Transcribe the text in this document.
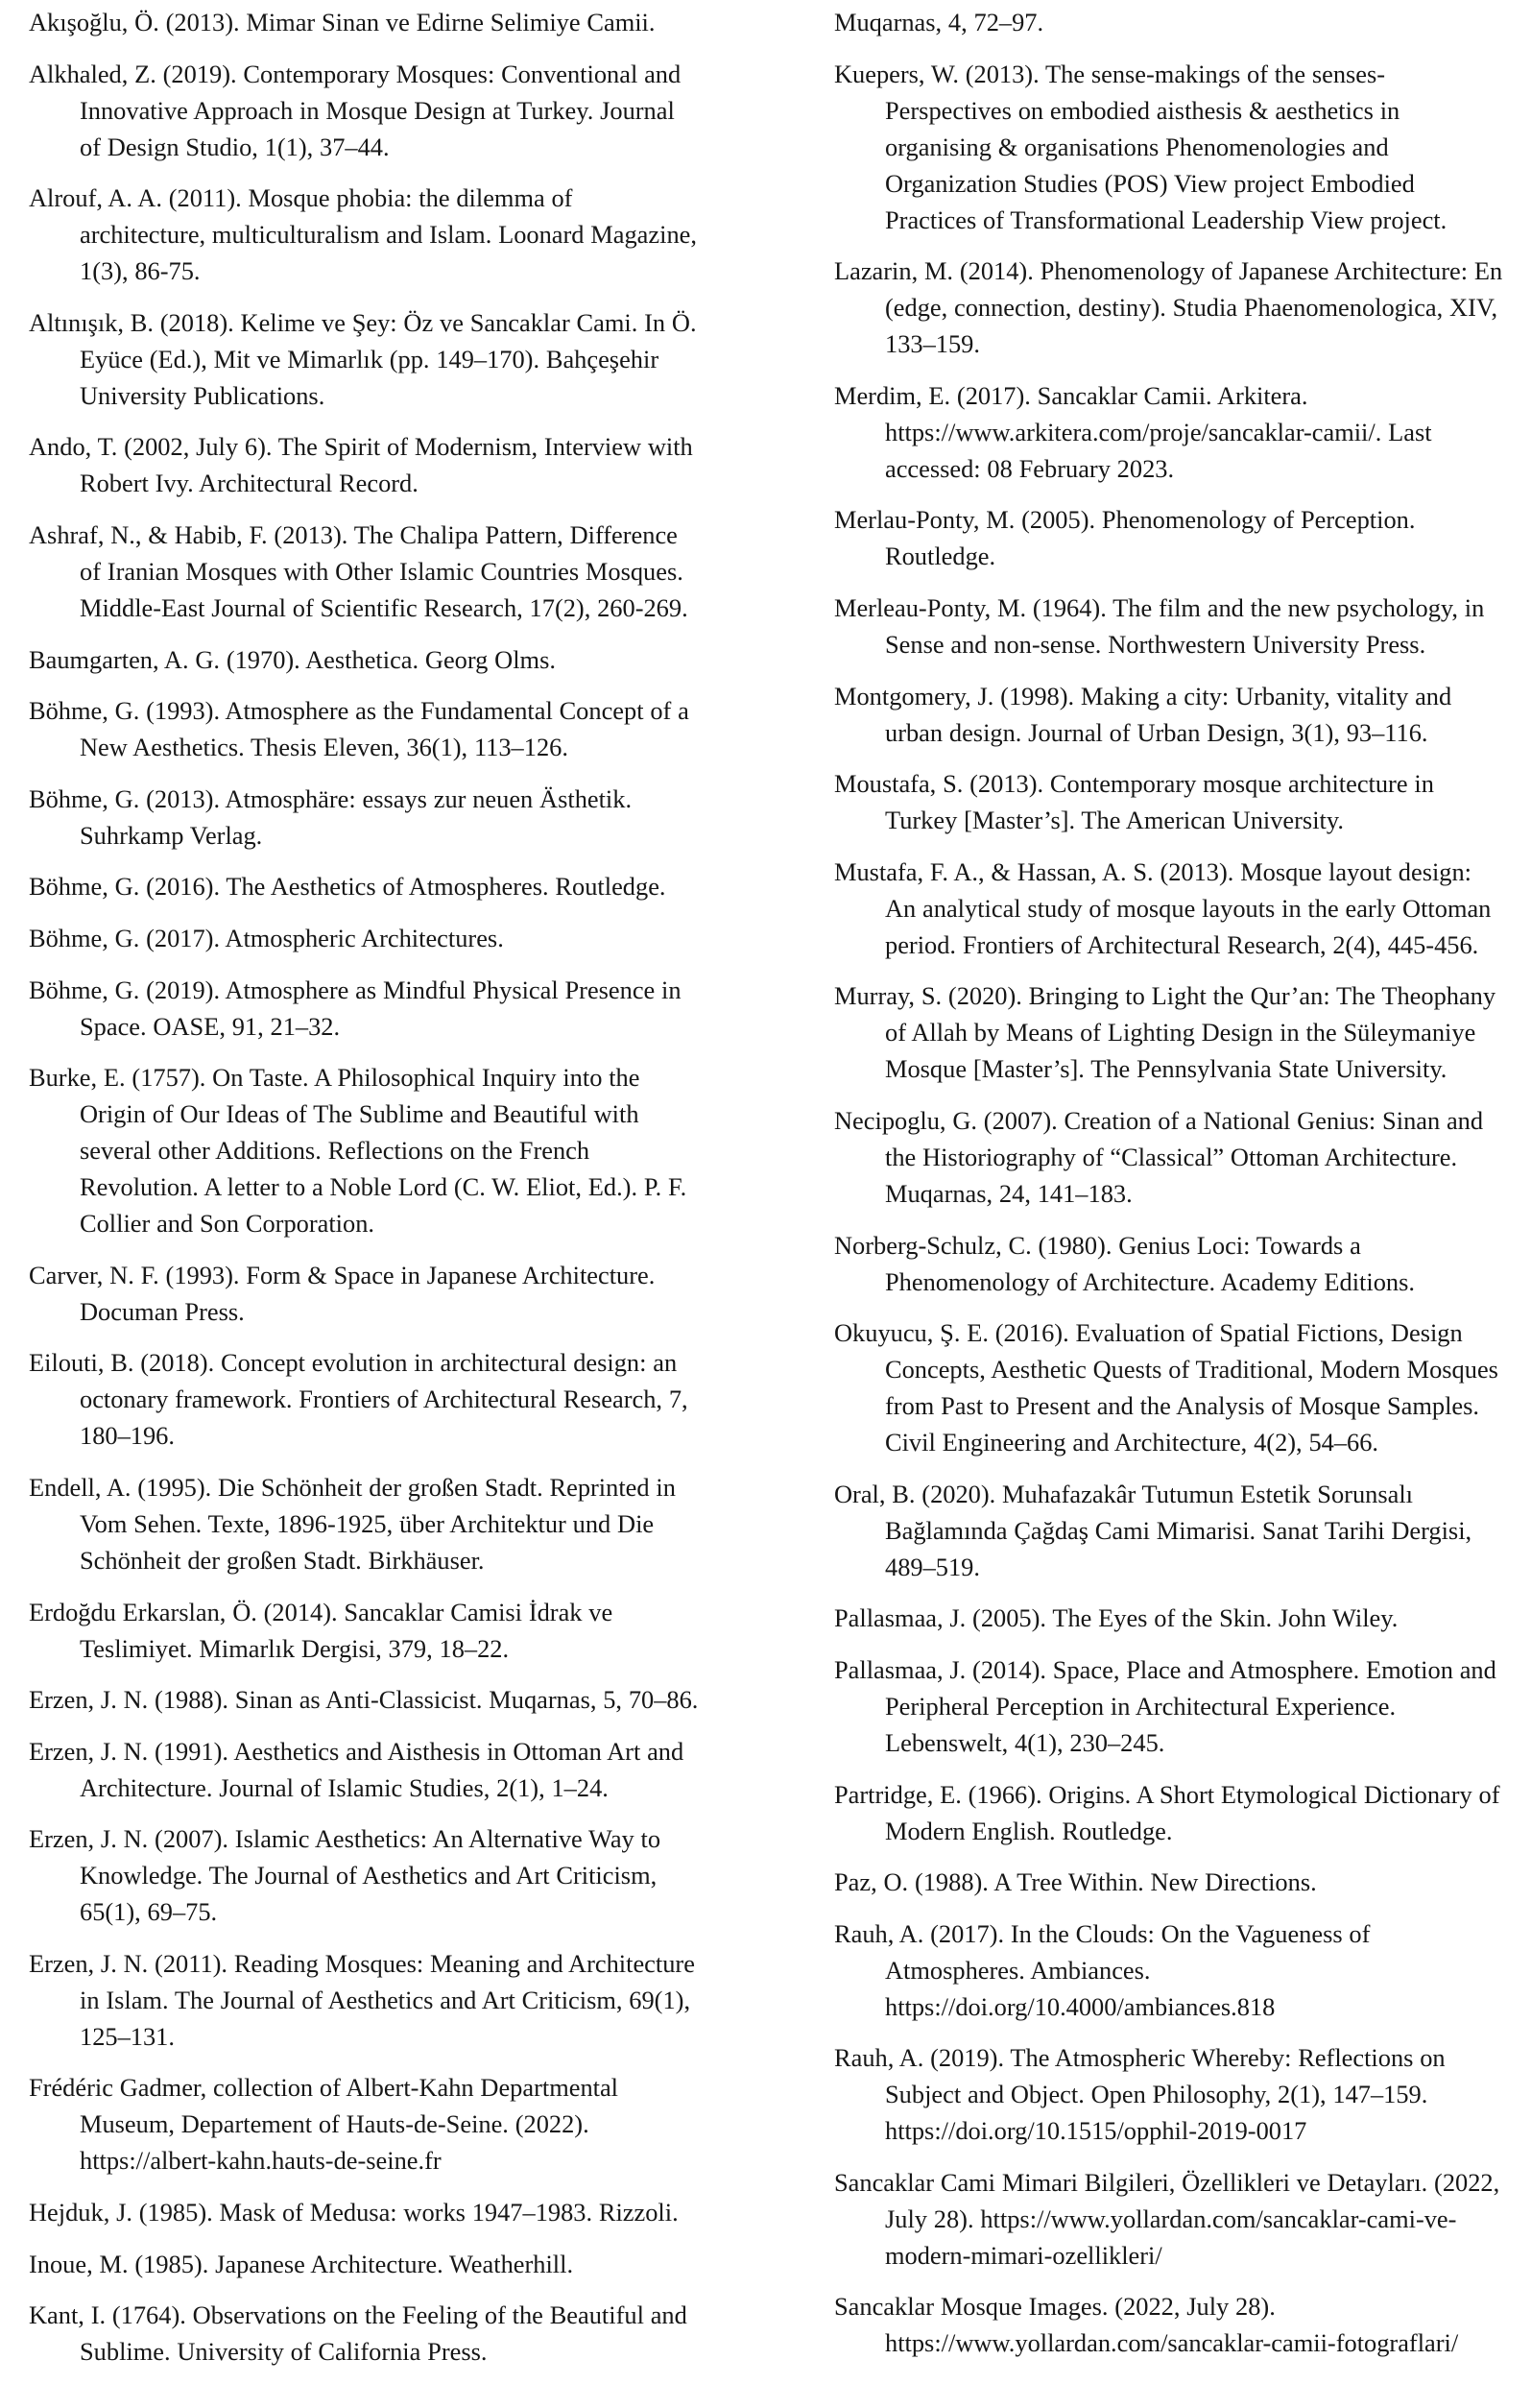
Akışoğlu, Ö. (2013). Mimar Sinan ve Edirne Selimiye Camii.

Alkhaled, Z. (2019). Contemporary Mosques: Conventional and Innovative Approach in Mosque Design at Turkey. Journal of Design Studio, 1(1), 37–44.

Alrouf, A. A. (2011). Mosque phobia: the dilemma of architecture, multiculturalism and Islam. Loonard Magazine, 1(3), 86-75.

Altınışık, B. (2018). Kelime ve Şey: Öz ve Sancaklar Cami. In Ö. Eyüce (Ed.), Mit ve Mimarlık (pp. 149–170). Bahçeşehir University Publications.

Ando, T. (2002, July 6). The Spirit of Modernism, Interview with Robert Ivy. Architectural Record.

Ashraf, N., & Habib, F. (2013). The Chalipa Pattern, Difference of Iranian Mosques with Other Islamic Countries Mosques. Middle-East Journal of Scientific Research, 17(2), 260-269.

Baumgarten, A. G. (1970). Aesthetica. Georg Olms.

Böhme, G. (1993). Atmosphere as the Fundamental Concept of a New Aesthetics. Thesis Eleven, 36(1), 113–126.

Böhme, G. (2013). Atmosphäre: essays zur neuen Ästhetik. Suhrkamp Verlag.

Böhme, G. (2016). The Aesthetics of Atmospheres. Routledge.

Böhme, G. (2017). Atmospheric Architectures.

Böhme, G. (2019). Atmosphere as Mindful Physical Presence in Space. OASE, 91, 21–32.

Burke, E. (1757). On Taste. A Philosophical Inquiry into the Origin of Our Ideas of The Sublime and Beautiful with several other Additions. Reflections on the French Revolution. A letter to a Noble Lord (C. W. Eliot, Ed.). P. F. Collier and Son Corporation.

Carver, N. F. (1993). Form & Space in Japanese Architecture. Documan Press.

Eilouti, B. (2018). Concept evolution in architectural design: an octonary framework. Frontiers of Architectural Research, 7, 180–196.

Endell, A. (1995). Die Schönheit der großen Stadt. Reprinted in Vom Sehen. Texte, 1896-1925, über Architektur und Die Schönheit der großen Stadt. Birkhäuser.

Erdoğdu Erkarslan, Ö. (2014). Sancaklar Camisi İdrak ve Teslimiyet. Mimarlık Dergisi, 379, 18–22.

Erzen, J. N. (1988). Sinan as Anti-Classicist. Muqarnas, 5, 70–86.

Erzen, J. N. (1991). Aesthetics and Aisthesis in Ottoman Art and Architecture. Journal of Islamic Studies, 2(1), 1–24.

Erzen, J. N. (2007). Islamic Aesthetics: An Alternative Way to Knowledge. The Journal of Aesthetics and Art Criticism, 65(1), 69–75.

Erzen, J. N. (2011). Reading Mosques: Meaning and Architecture in Islam. The Journal of Aesthetics and Art Criticism, 69(1), 125–131.

Frédéric Gadmer, collection of Albert-Kahn Departmental Museum, Departement of Hauts-de-Seine. (2022). https://albert-kahn.hauts-de-seine.fr

Hejduk, J. (1985). Mask of Medusa: works 1947–1983. Rizzoli.

Inoue, M. (1985). Japanese Architecture. Weatherhill.

Kant, I. (1764). Observations on the Feeling of the Beautiful and Sublime. University of California Press.

Muqarnas, 4, 72–97.

Kuepers, W. (2013). The sense-makings of the senses-Perspectives on embodied aisthesis & aesthetics in organising & organisations Phenomenologies and Organization Studies (POS) View project Embodied Practices of Transformational Leadership View project.

Lazarin, M. (2014). Phenomenology of Japanese Architecture: En (edge, connection, destiny). Studia Phaenomenologica, XIV, 133–159.

Merdim, E. (2017). Sancaklar Camii. Arkitera. https://www.arkitera.com/proje/sancaklar-camii/. Last accessed: 08 February 2023.

Merlau-Ponty, M. (2005). Phenomenology of Perception. Routledge.

Merleau-Ponty, M. (1964). The film and the new psychology, in Sense and non-sense. Northwestern University Press.

Montgomery, J. (1998). Making a city: Urbanity, vitality and urban design. Journal of Urban Design, 3(1), 93–116.

Moustafa, S. (2013). Contemporary mosque architecture in Turkey [Master’s]. The American University.

Mustafa, F. A., & Hassan, A. S. (2013). Mosque layout design: An analytical study of mosque layouts in the early Ottoman period. Frontiers of Architectural Research, 2(4), 445-456.

Murray, S. (2020). Bringing to Light the Qur’an: The Theophany of Allah by Means of Lighting Design in the Süleymaniye Mosque [Master’s]. The Pennsylvania State University.

Necipoglu, G. (2007). Creation of a National Genius: Sinan and the Historiography of “Classical” Ottoman Architecture. Muqarnas, 24, 141–183.

Norberg-Schulz, C. (1980). Genius Loci: Towards a Phenomenology of Architecture. Academy Editions.

Okuyucu, Ş. E. (2016). Evaluation of Spatial Fictions, Design Concepts, Aesthetic Quests of Traditional, Modern Mosques from Past to Present and the Analysis of Mosque Samples. Civil Engineering and Architecture, 4(2), 54–66.

Oral, B. (2020). Muhafazakâr Tutumun Estetik Sorunsalı Bağlamında Çağdaş Cami Mimarisi. Sanat Tarihi Dergisi, 489–519.

Pallasmaa, J. (2005). The Eyes of the Skin. John Wiley.

Pallasmaa, J. (2014). Space, Place and Atmosphere. Emotion and Peripheral Perception in Architectural Experience. Lebenswelt, 4(1), 230–245.

Partridge, E. (1966). Origins. A Short Etymological Dictionary of Modern English. Routledge.

Paz, O. (1988). A Tree Within. New Directions.

Rauh, A. (2017). In the Clouds: On the Vagueness of Atmospheres. Ambiances. https://doi.org/10.4000/ambiances.818

Rauh, A. (2019). The Atmospheric Whereby: Reflections on Subject and Object. Open Philosophy, 2(1), 147–159. https://doi.org/10.1515/opphil-2019-0017

Sancaklar Cami Mimari Bilgileri, Özellikleri ve Detayları. (2022, July 28). https://www.yollardan.com/sancaklar-cami-ve-modern-mimari-ozellikleri/

Sancaklar Mosque Images. (2022, July 28). https://www.yollardan.com/sancaklar-camii-fotograflari/
